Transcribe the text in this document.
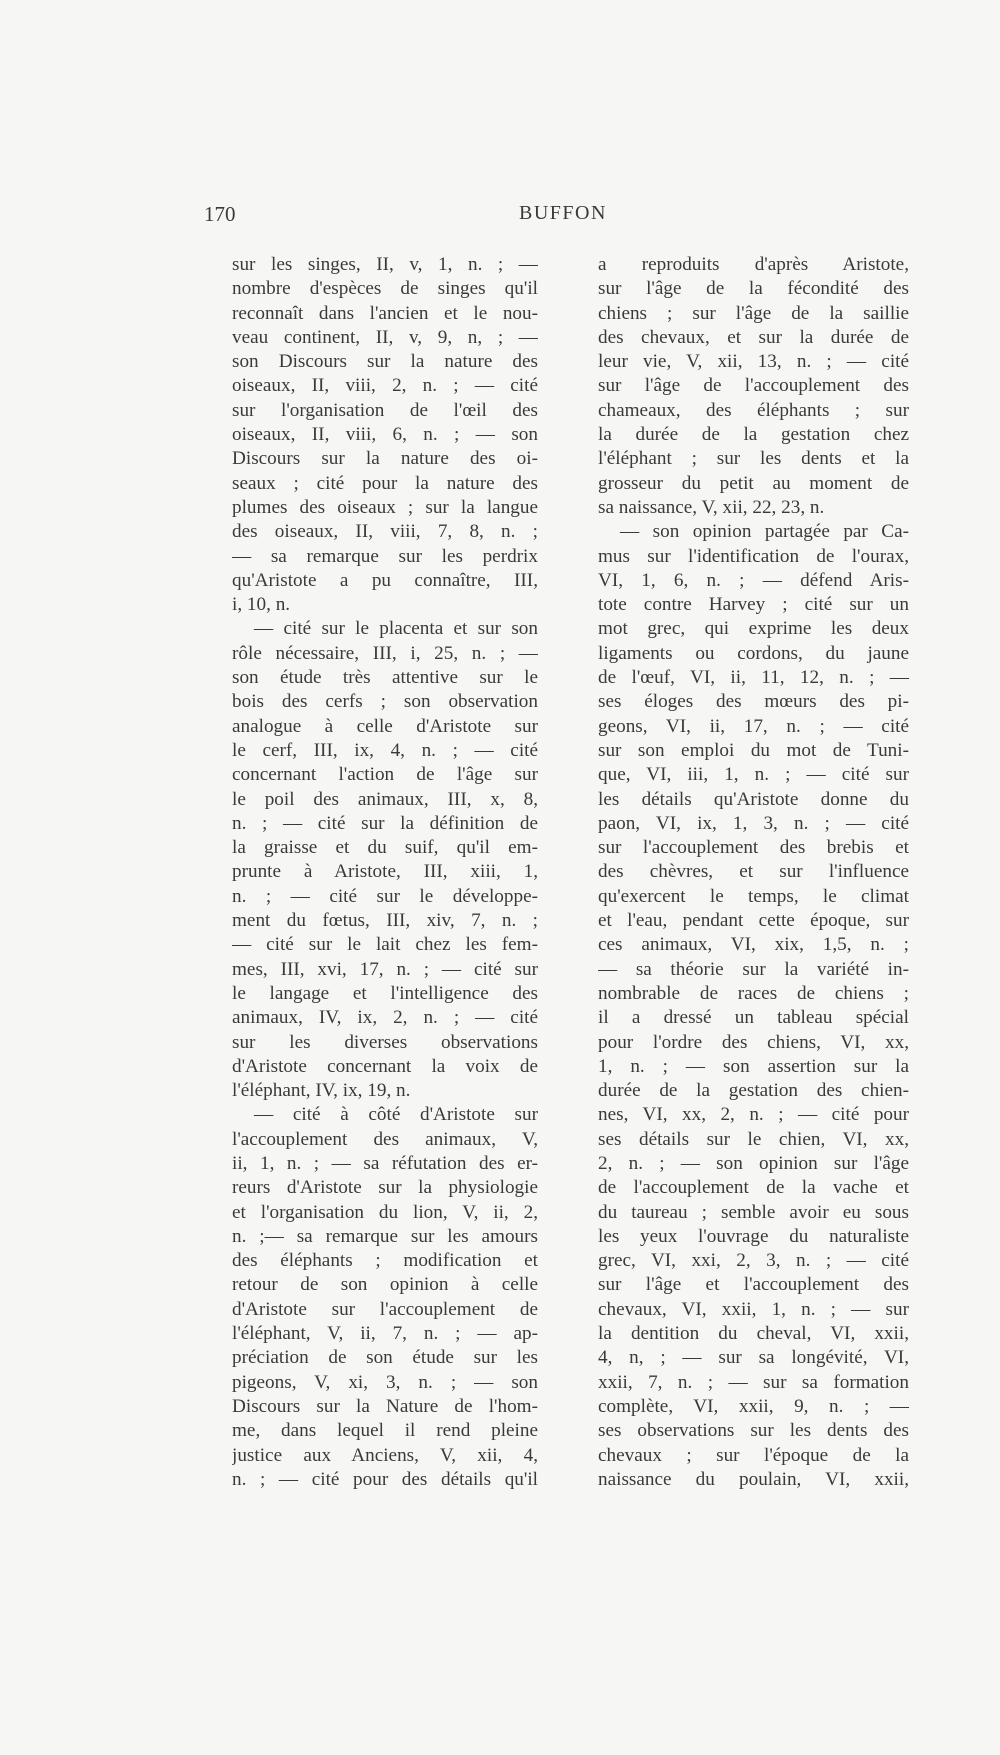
170	BUFFON
sur les singes, II, v, 1, n. ; —
nombre d'espèces de singes qu'il
reconnaît dans l'ancien et le nou-
veau continent, II, v, 9, n, ; —
son Discours sur la nature des
oiseaux, II, viii, 2, n. ; — cité
sur l'organisation de l'œil des
oiseaux, II, viii, 6, n. ; — son
Discours sur la nature des oi-
seaux ; cité pour la nature des
plumes des oiseaux ; sur la langue
des oiseaux, II, viii, 7, 8, n. ;
— sa remarque sur les perdrix
qu'Aristote a pu connaître, III,
i, 10, n.
— cité sur le placenta et sur son
rôle nécessaire, III, i, 25, n. ; —
son étude très attentive sur le
bois des cerfs ; son observation
analogue à celle d'Aristote sur
le cerf, III, ix, 4, n. ; — cité
concernant l'action de l'âge sur
le poil des animaux, III, x, 8,
n. ; — cité sur la définition de
la graisse et du suif, qu'il em-
prunte à Aristote, III, xiii, 1,
n. ; — cité sur le développe-
ment du fœtus, III, xiv, 7, n. ;
— cité sur le lait chez les fem-
mes, III, xvi, 17, n. ; — cité sur
le langage et l'intelligence des
animaux, IV, ix, 2, n. ; — cité
sur les diverses observations
d'Aristote concernant la voix de
l'éléphant, IV, ix, 19, n.
— cité à côté d'Aristote sur
l'accouplement des animaux, V,
ii, 1, n. ; — sa réfutation des er-
reurs d'Aristote sur la physiologie
et l'organisation du lion, V, ii, 2,
n. ;— sa remarque sur les amours
des éléphants ; modification et
retour de son opinion à celle
d'Aristote sur l'accouplement de
l'éléphant, V, ii, 7, n. ; — ap-
préciation de son étude sur les
pigeons, V, xi, 3, n. ; — son
Discours sur la Nature de l'hom-
me, dans lequel il rend pleine
justice aux Anciens, V, xii, 4,
n. ; — cité pour des détails qu'il
a reproduits d'après Aristote,
sur l'âge de la fécondité des
chiens ; sur l'âge de la saillie
des chevaux, et sur la durée de
leur vie, V, xii, 13, n. ; — cité
sur l'âge de l'accouplement des
chameaux, des éléphants ; sur
la durée de la gestation chez
l'éléphant ; sur les dents et la
grosseur du petit au moment de
sa naissance, V, xii, 22, 23, n.
— son opinion partagée par Ca-
mus sur l'identification de l'ourax,
VI, 1, 6, n. ; — défend Aris-
tote contre Harvey ; cité sur un
mot grec, qui exprime les deux
ligaments ou cordons, du jaune
de l'œuf, VI, ii, 11, 12, n. ; —
ses éloges des mœurs des pi-
geons, VI, ii, 17, n. ; — cité
sur son emploi du mot de Tuni-
que, VI, iii, 1, n. ; — cité sur
les détails qu'Aristote donne du
paon, VI, ix, 1, 3, n. ; — cité
sur l'accouplement des brebis et
des chèvres, et sur l'influence
qu'exercent le temps, le climat
et l'eau, pendant cette époque, sur
ces animaux, VI, xix, 1,5, n. ;
— sa théorie sur la variété in-
nombrable de races de chiens ;
il a dressé un tableau spécial
pour l'ordre des chiens, VI, xx,
1, n. ; — son assertion sur la
durée de la gestation des chien-
nes, VI, xx, 2, n. ; — cité pour
ses détails sur le chien, VI, xx,
2, n. ; — son opinion sur l'âge
de l'accouplement de la vache et
du taureau ; semble avoir eu sous
les yeux l'ouvrage du naturaliste
grec, VI, xxi, 2, 3, n. ; — cité
sur l'âge et l'accouplement des
chevaux, VI, xxii, 1, n. ; — sur
la dentition du cheval, VI, xxii,
4, n, ; — sur sa longévité, VI,
xxii, 7, n. ; — sur sa formation
complète, VI, xxii, 9, n. ; —
ses observations sur les dents des
chevaux ; sur l'époque de la
naissance du poulain, VI, xxii,
